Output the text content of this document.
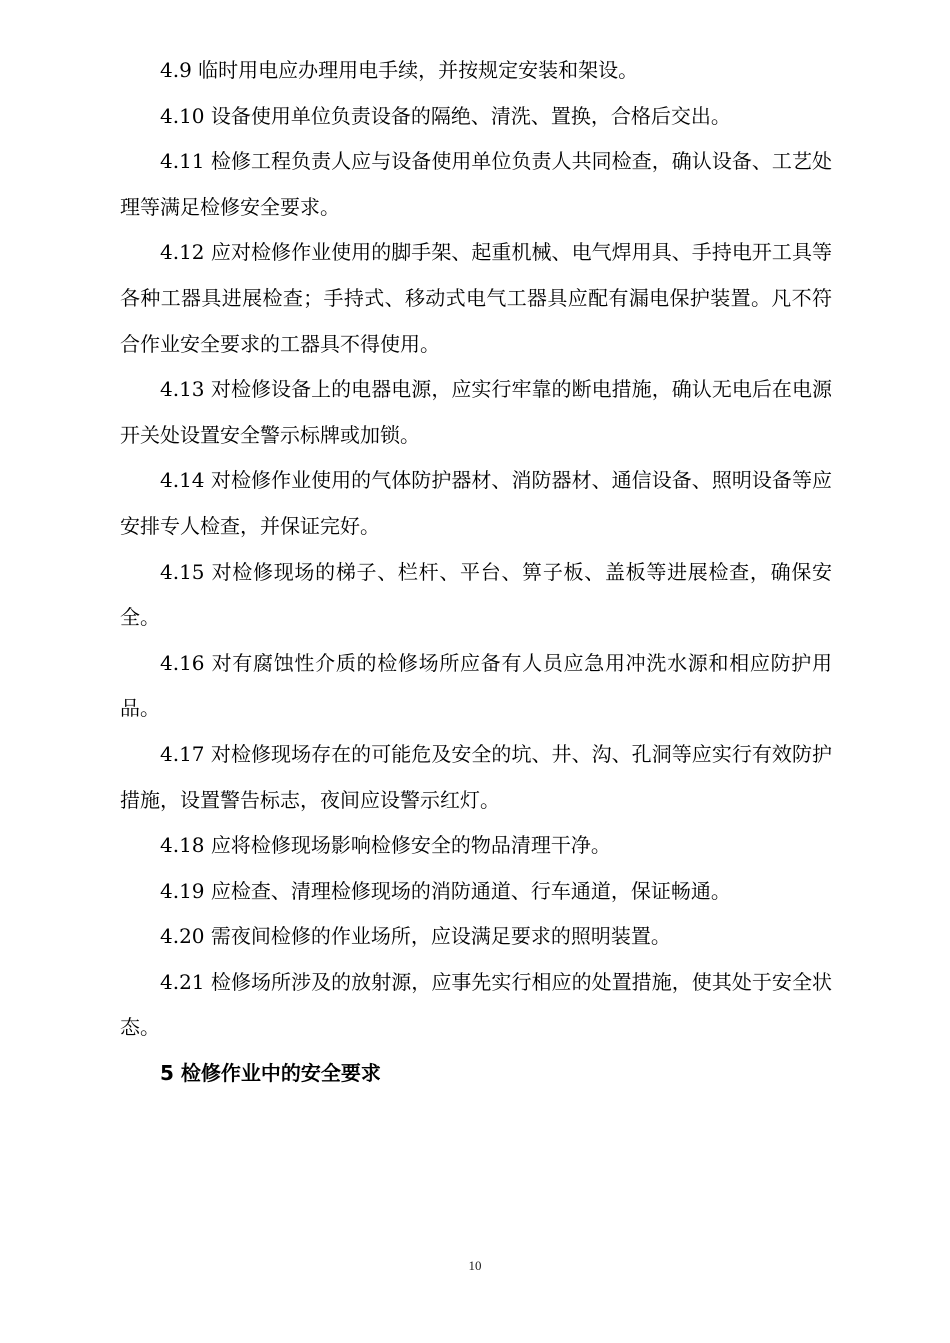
4.9 临时用电应办理用电手续，并按规定安装和架设。

4.10 设备使用单位负责设备的隔绝、清洗、置换，合格后交出。

4.11 检修工程负责人应与设备使用单位负责人共同检查，确认设备、工艺处理等满足检修安全要求。

4.12 应对检修作业使用的脚手架、起重机械、电气焊用具、手持电开工具等各种工器具进展检查；手持式、移动式电气工器具应配有漏电保护装置。凡不符合作业安全要求的工器具不得使用。

4.13 对检修设备上的电器电源，应实行牢靠的断电措施，确认无电后在电源开关处设置安全警示标牌或加锁。

4.14 对检修作业使用的气体防护器材、消防器材、通信设备、照明设备等应安排专人检查，并保证完好。

4.15 对检修现场的梯子、栏杆、平台、箅子板、盖板等进展检查，确保安全。

4.16 对有腐蚀性介质的检修场所应备有人员应急用冲洗水源和相应防护用品。

4.17 对检修现场存在的可能危及安全的坑、井、沟、孔洞等应实行有效防护措施，设置警告标志，夜间应设警示红灯。

4.18 应将检修现场影响检修安全的物品清理干净。

4.19 应检查、清理检修现场的消防通道、行车通道，保证畅通。

4.20 需夜间检修的作业场所，应设满足要求的照明装置。

4.21 检修场所涉及的放射源，应事先实行相应的处置措施，使其处于安全状态。

5 检修作业中的安全要求

10
